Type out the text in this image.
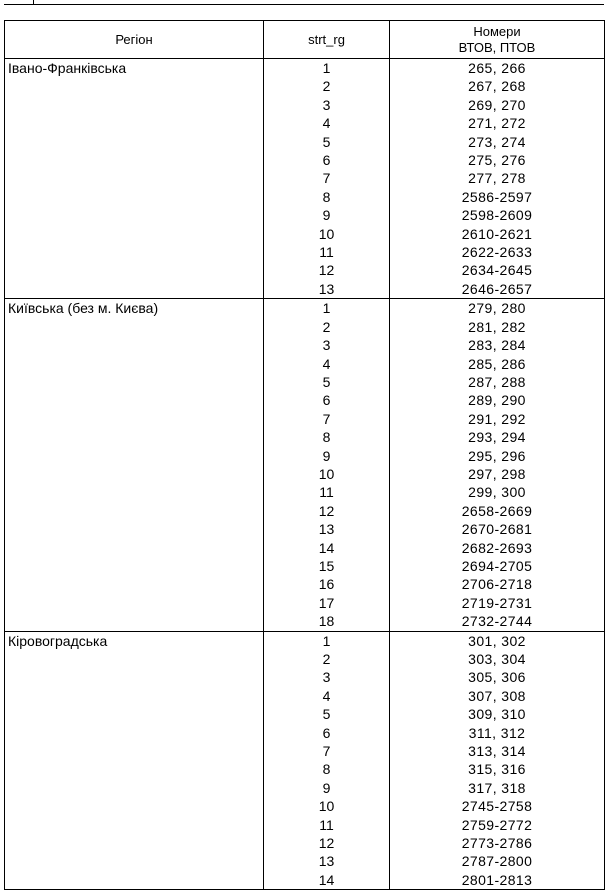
Регіон	strt_rg	Номери
ВТОВ, ПТОВ
Івано-Франківська	1	265, 266
	2	267, 268
	3	269, 270
	4	271, 272
	5	273, 274
	6	275, 276
	7	277, 278
	8	2586-2597
	9	2598-2609
	10	2610-2621
	11	2622-2633
	12	2634-2645
	13	2646-2657
Київська (без м. Києва)	1	279, 280
	2	281, 282
	3	283, 284
	4	285, 286
	5	287, 288
	6	289, 290
	7	291, 292
	8	293, 294
	9	295, 296
	10	297, 298
	11	299, 300
	12	2658-2669
	13	2670-2681
	14	2682-2693
	15	2694-2705
	16	2706-2718
	17	2719-2731
	18	2732-2744
Кіровоградська	1	301, 302
	2	303, 304
	3	305, 306
	4	307, 308
	5	309, 310
	6	311, 312
	7	313, 314
	8	315, 316
	9	317, 318
	10	2745-2758
	11	2759-2772
	12	2773-2786
	13	2787-2800
	14	2801-2813
